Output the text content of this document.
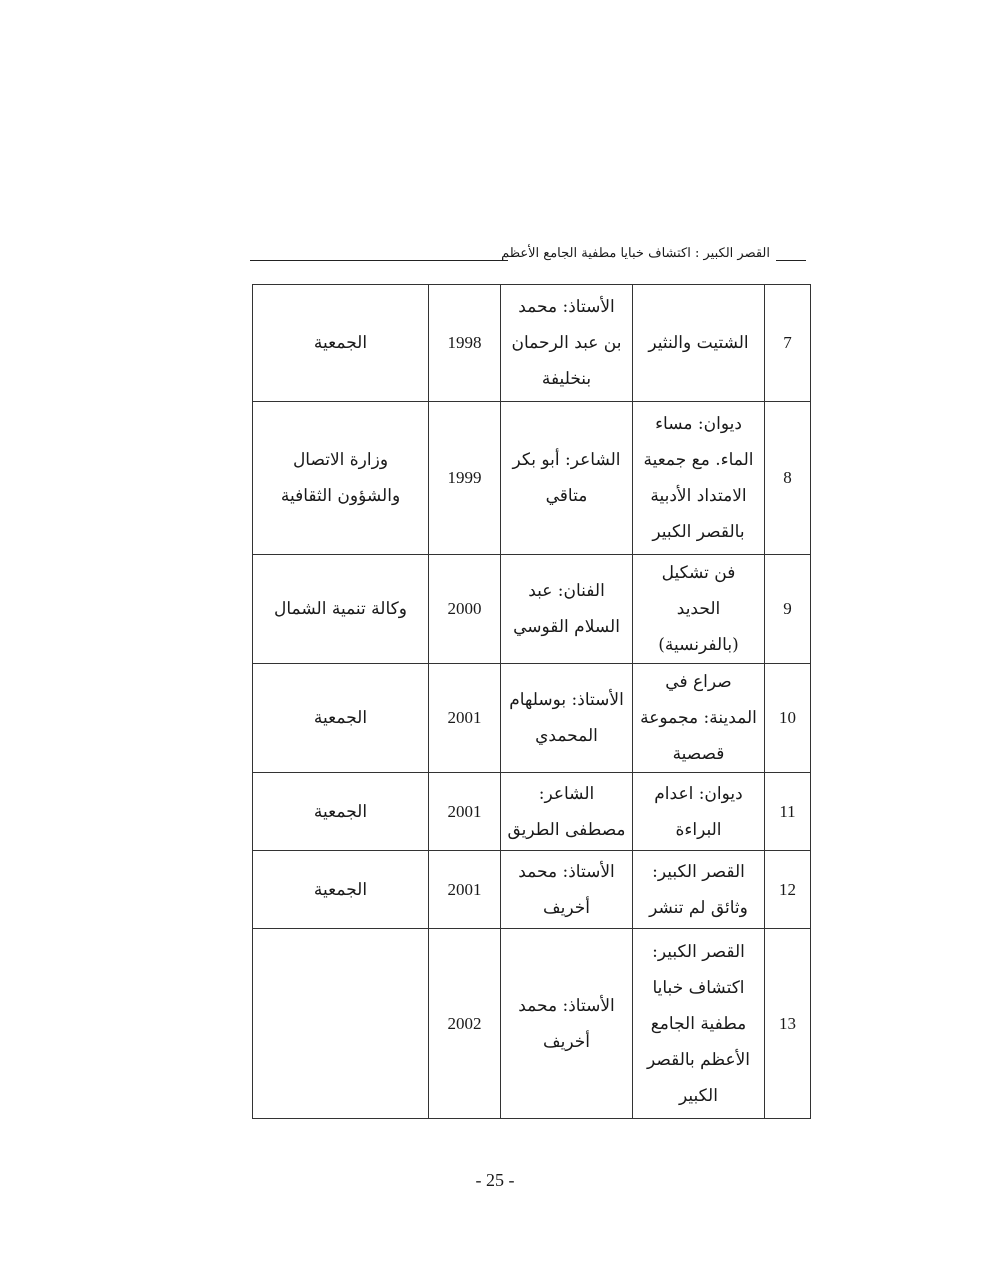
القصر الكبير : اكتشاف خبايا مطفية الجامع الأعظم
7	الشتيت والنثير	الأستاذ: محمد بن عبد الرحمان بنخليفة	1998	الجمعية
8	ديوان: مساء الماء. مع جمعية الامتداد الأدبية بالقصر الكبير	الشاعر: أبو بكر متاقي	1999	وزارة الاتصال والشؤون الثقافية
9	فن تشكيل الحديد (بالفرنسية)	الفنان: عبد السلام القوسي	2000	وكالة تنمية الشمال
10	صراع في المدينة: مجموعة قصصية	الأستاذ: بوسلهام المحمدي	2001	الجمعية
11	ديوان: اعدام البراءة	الشاعر: مصطفى الطريق	2001	الجمعية
12	القصر الكبير: وثائق لم تنشر	الأستاذ: محمد أخريف	2001	الجمعية
13	القصر الكبير: اكتشاف خبايا مطفية الجامع الأعظم بالقصر الكبير	الأستاذ: محمد أخريف	2002	
- 25 -
